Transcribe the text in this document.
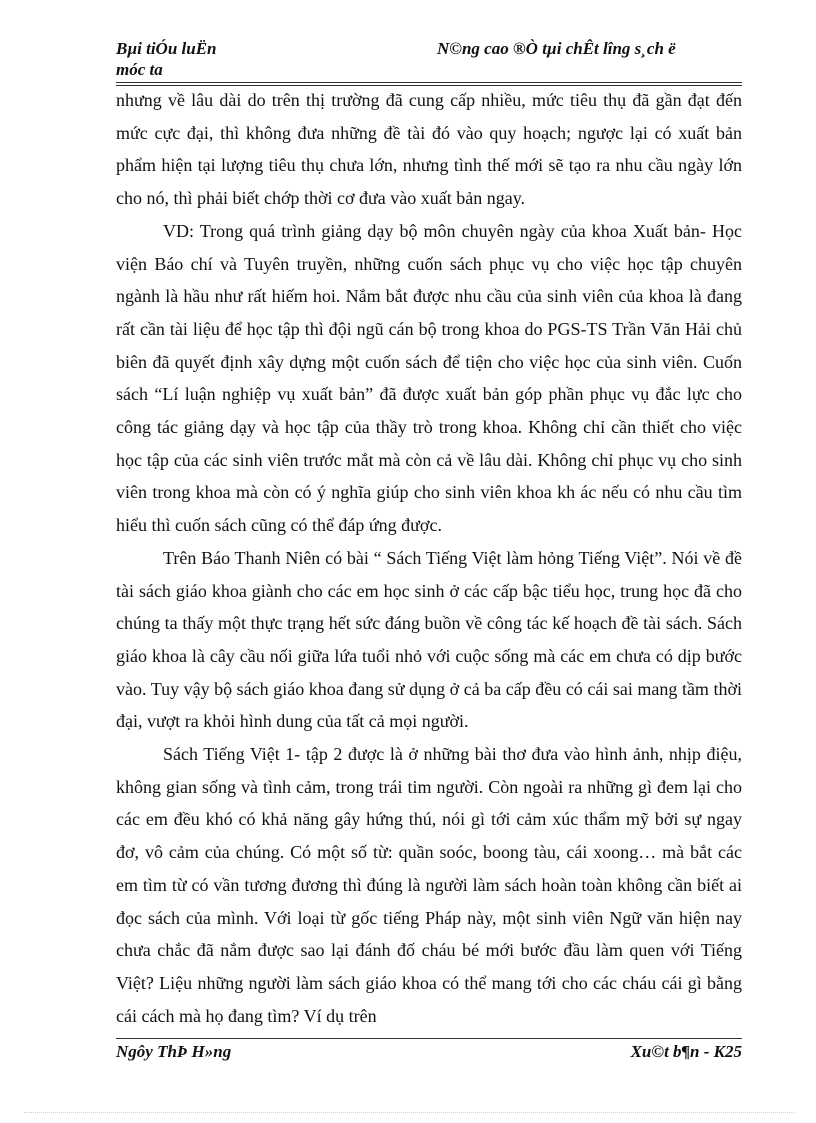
Bµi tiÓu luËn
móc ta
N©ng cao ®Ò tµi chÊt lîng s¸ch ë

nhưng về lâu dài do trên thị trường đã cung cấp nhiều, mức tiêu thụ đã gần đạt đến mức cực đại, thì không đưa những đề tài đó vào quy hoạch; ngược lại có xuất bản phẩm hiện tại lượng tiêu thụ chưa lớn, nhưng tình thế mới sẽ tạo ra nhu cầu ngày lớn cho nó, thì phải biết chớp thời cơ đưa vào xuất bản ngay.

VD: Trong quá trình giảng dạy bộ môn chuyên ngày của khoa Xuất bản- Học viện Báo chí và Tuyên truyền, những cuốn sách phục vụ cho việc học tập chuyên ngành là hầu như rất hiếm hoi. Nắm bắt được nhu cầu của sinh viên của khoa là đang rất cần tài liệu để học tập thì đội ngũ cán bộ trong khoa do PGS-TS Trần Văn Hải chủ biên đã quyết định xây dựng một cuốn sách để tiện cho việc học của sinh viên. Cuốn sách “Lí luận nghiệp vụ xuất bản” đã được xuất bản góp phần phục vụ đắc lực cho công tác giảng dạy và học tập của thầy trò trong khoa. Không chỉ cần thiết cho việc học tập của các sinh viên trước mắt mà còn cả về lâu dài. Không chỉ phục vụ cho sinh viên trong khoa mà còn có ý nghĩa giúp cho sinh viên khoa kh ác nếu có nhu cầu tìm hiểu thì cuốn sách cũng có thể đáp ứng được.

Trên Báo Thanh Niên có bài “ Sách Tiếng Việt làm hỏng Tiếng Việt”. Nói về đề tài sách giáo khoa giành cho các em học sinh ở các cấp bậc tiểu học, trung học đã cho chúng ta thấy một thực trạng hết sức đáng buồn về công tác kế hoạch đề tài sách. Sách giáo khoa là cây cầu nối giữa lứa tuổi nhỏ với cuộc sống mà các em chưa có dịp bước vào. Tuy vậy bộ sách giáo khoa đang sử dụng ở cả ba cấp đều có cái sai mang tầm thời đại, vượt ra khỏi hình dung của tất cả mọi người.

Sách Tiếng Việt 1- tập 2 được là ở những bài thơ đưa vào hình ảnh, nhịp điệu, không gian sống và tình cảm, trong trái tim người. Còn ngoài ra những gì đem lại cho các em đều khó có khả năng gây hứng thú, nói gì tới cảm xúc thẩm mỹ bởi sự ngay đơ, vô cảm của chúng. Có một số từ: quần soóc, boong tàu, cái xoong… mà bắt các em tìm từ có vần tương đương thì đúng là người làm sách hoàn toàn không cần biết ai đọc sách của mình. Với loại từ gốc tiếng Pháp này, một sinh viên Ngữ văn hiện nay chưa chắc đã nắm được sao lại đánh đố cháu bé mới bước đầu làm quen với Tiếng Việt? Liệu những người làm sách giáo khoa có thể mang tới cho các cháu cái gì bằng cái cách mà họ đang tìm? Ví dụ trên

Ngôy ThÞ H»ng	Xu©t b¶n - K25
